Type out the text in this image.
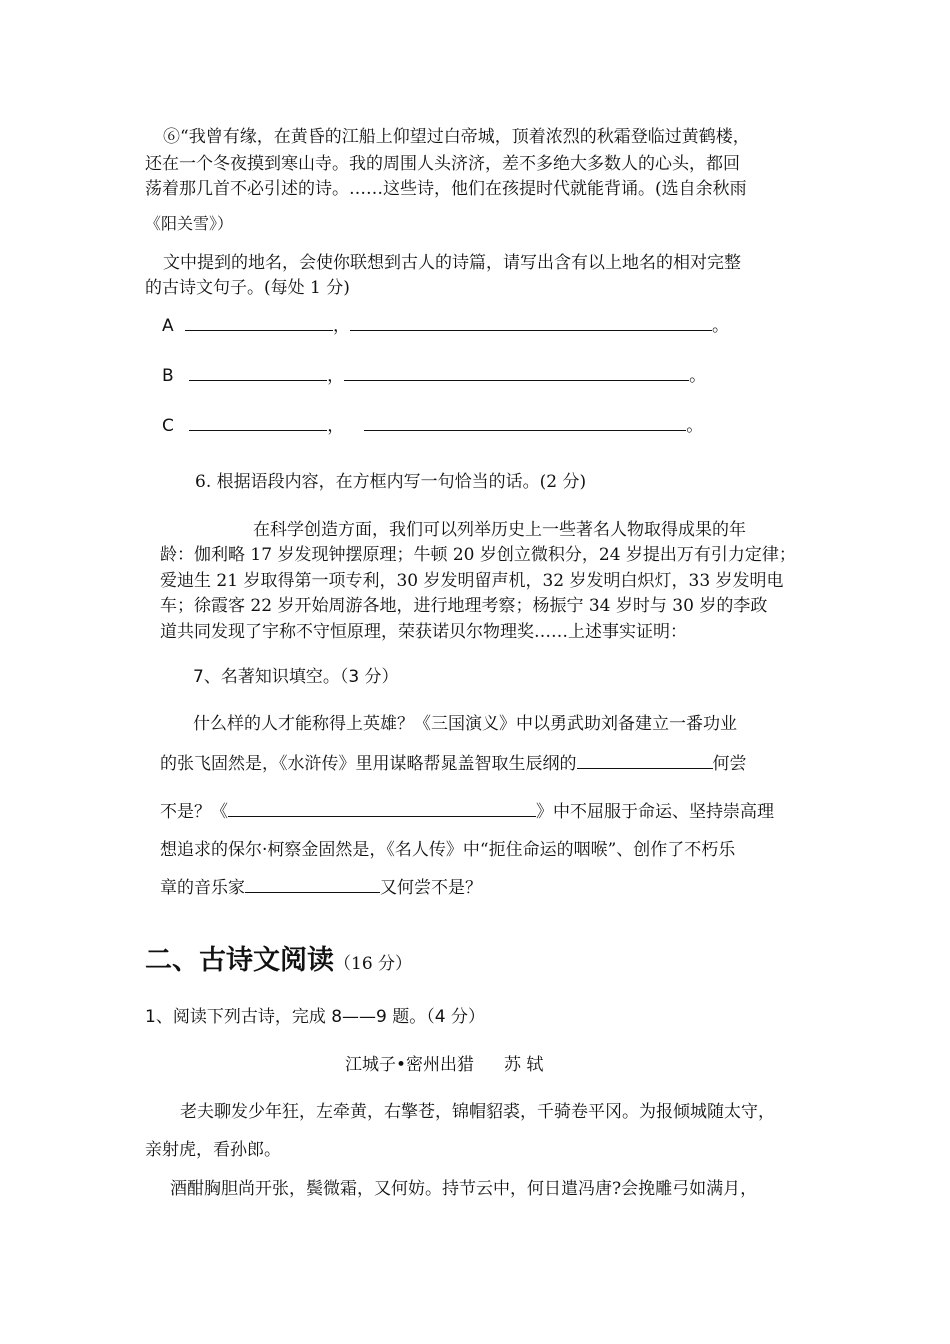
⑥“我曾有缘，在黄昏的江船上仰望过白帝城，顶着浓烈的秋霜登临过黄鹤楼，
还在一个冬夜摸到寒山寺。我的周围人头济济，差不多绝大多数人的心头，都回
荡着那几首不必引述的诗。……这些诗，他们在孩提时代就能背诵。(选自余秋雨
《阳关雪》）
文中提到的地名，会使你联想到古人的诗篇，请写出含有以上地名的相对完整
的古诗文句子。(每处 1 分)
A	，	。
B	，	。
C	，	。
6. 根据语段内容，在方框内写一句恰当的话。(2 分)
在科学创造方面，我们可以列举历史上一些著名人物取得成果的年
龄：伽利略 17 岁发现钟摆原理；牛顿 20 岁创立微积分，24 岁提出万有引力定律；
爱迪生 21 岁取得第一项专利，30 岁发明留声机，32 岁发明白炽灯，33 岁发明电
车；徐霞客 22 岁开始周游各地，进行地理考察；杨振宁 34 岁时与 30 岁的李政
道共同发现了宇称不守恒原理，荣获诺贝尔物理奖……上述事实证明：
7、名著知识填空。（3 分）
什么样的人才能称得上英雄？《三国演义》中以勇武助刘备建立一番功业
的张飞固然是，《水浒传》里用谋略帮晁盖智取生辰纲的	何尝
不是？《	》中不屈服于命运、坚持崇高理
想追求的保尔·柯察金固然是，《名人传》中“扼住命运的咽喉”、创作了不朽乐
章的音乐家	又何尝不是？
二、古诗文阅读（16 分）
1、阅读下列古诗，完成 8——9 题。（4 分）
江城子•密州出猎 苏 轼
老夫聊发少年狂，左牵黄，右擎苍，锦帽貂裘，千骑卷平冈。为报倾城随太守，
亲射虎，看孙郎。
酒酣胸胆尚开张，鬓微霜，又何妨。持节云中，何日遣冯唐?会挽雕弓如满月，
